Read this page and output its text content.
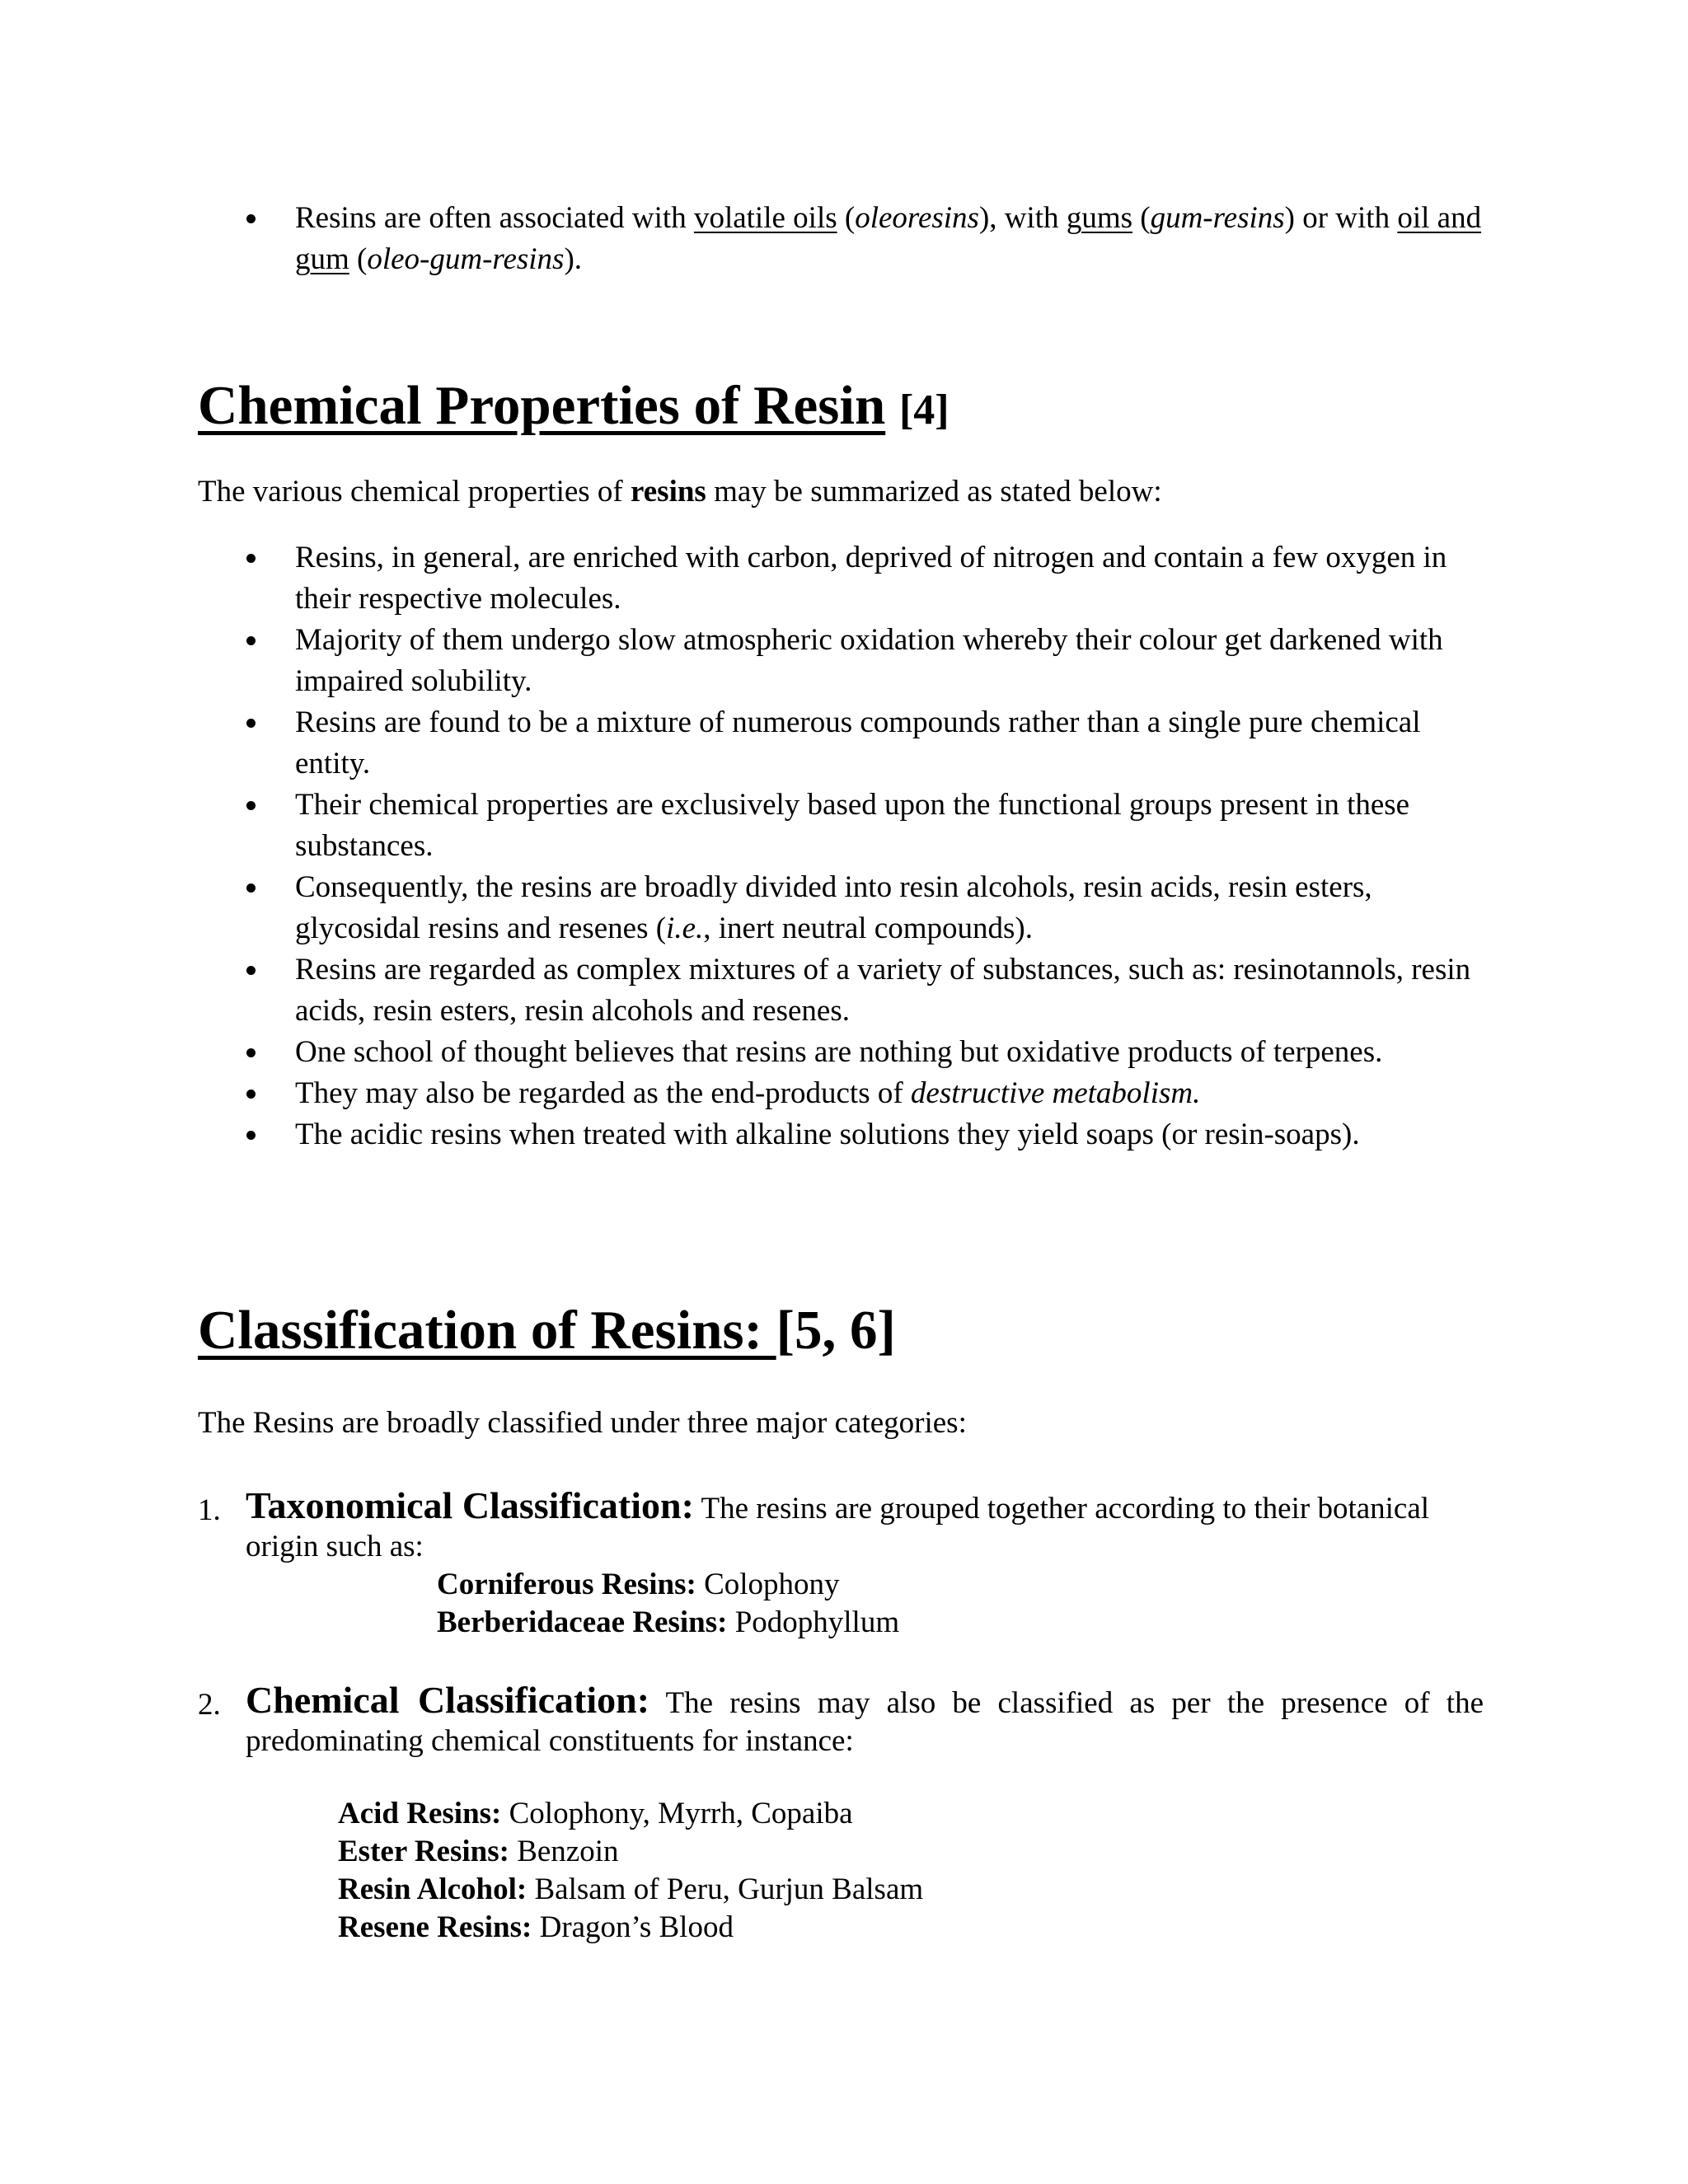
Resins are often associated with volatile oils (oleoresins), with gums (gum-resins) or with oil and gum (oleo-gum-resins).
Chemical Properties of Resin [4]
The various chemical properties of resins may be summarized as stated below:
Resins, in general, are enriched with carbon, deprived of nitrogen and contain a few oxygen in their respective molecules.
Majority of them undergo slow atmospheric oxidation whereby their colour get darkened with impaired solubility.
Resins are found to be a mixture of numerous compounds rather than a single pure chemical entity.
Their chemical properties are exclusively based upon the functional groups present in these substances.
Consequently, the resins are broadly divided into resin alcohols, resin acids, resin esters, glycosidal resins and resenes (i.e., inert neutral compounds).
Resins are regarded as complex mixtures of a variety of substances, such as: resinotannols, resin acids, resin esters, resin alcohols and resenes.
One school of thought believes that resins are nothing but oxidative products of terpenes.
They may also be regarded as the end-products of destructive metabolism.
The acidic resins when treated with alkaline solutions they yield soaps (or resin-soaps).
Classification of Resins: [5, 6]
The Resins are broadly classified under three major categories:
1. Taxonomical Classification: The resins are grouped together according to their botanical origin such as:
Corniferous Resins: Colophony
Berberidaceae Resins: Podophyllum
2. Chemical Classification: The resins may also be classified as per the presence of the predominating chemical constituents for instance:
Acid Resins: Colophony, Myrrh, Copaiba
Ester Resins: Benzoin
Resin Alcohol: Balsam of Peru, Gurjun Balsam
Resene Resins: Dragon’s Blood
